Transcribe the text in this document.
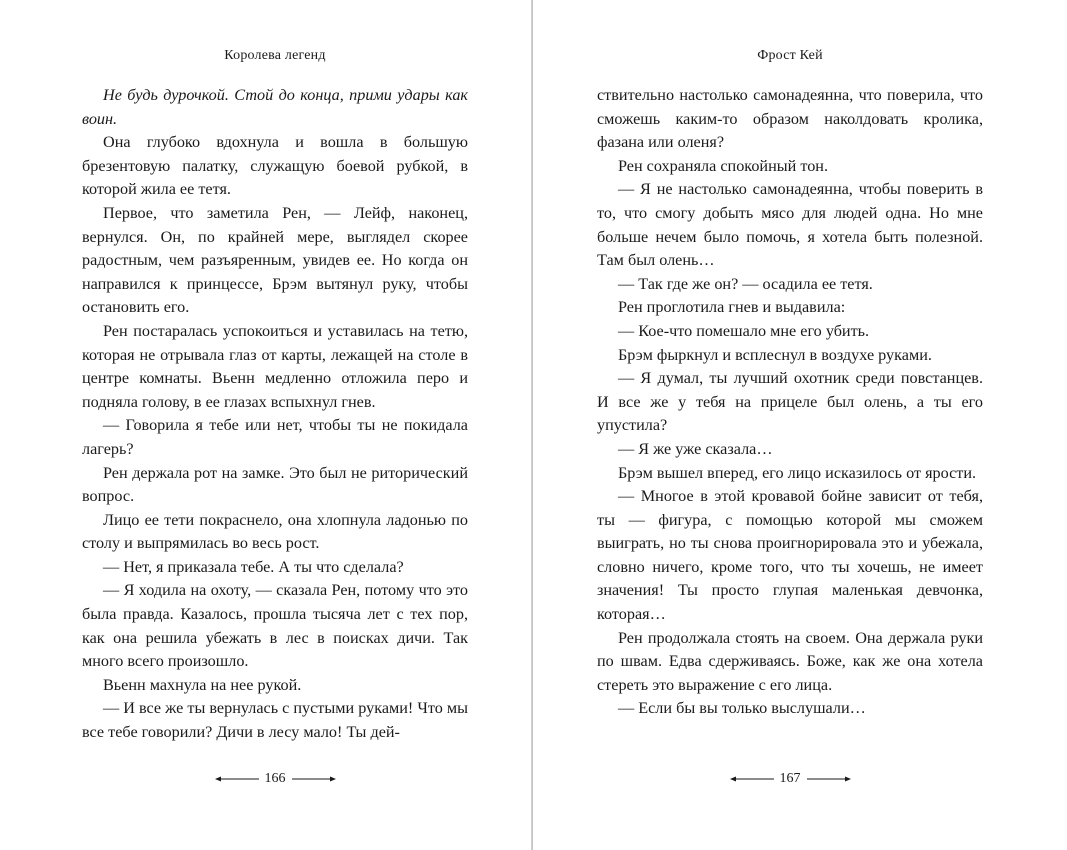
Королева легенд

Не будь дурочкой. Стой до конца, прими удары как воин.

Она глубоко вдохнула и вошла в большую брезентовую палатку, служащую боевой рубкой, в которой жила ее тетя.

Первое, что заметила Рен, — Лейф, наконец, вернулся. Он, по крайней мере, выглядел скорее радостным, чем разъяренным, увидев ее. Но когда он направился к принцессе, Брэм вытянул руку, чтобы остановить его.

Рен постаралась успокоиться и уставилась на тетю, которая не отрывала глаз от карты, лежащей на столе в центре комнаты. Вьенн медленно отложила перо и подняла голову, в ее глазах вспыхнул гнев.

— Говорила я тебе или нет, чтобы ты не покидала лагерь?

Рен держала рот на замке. Это был не риторический вопрос.

Лицо ее тети покраснело, она хлопнула ладонью по столу и выпрямилась во весь рост.

— Нет, я приказала тебе. А ты что сделала?

— Я ходила на охоту, — сказала Рен, потому что это была правда. Казалось, прошла тысяча лет с тех пор, как она решила убежать в лес в поисках дичи. Так много всего произошло.

Вьенн махнула на нее рукой.

— И все же ты вернулась с пустыми руками! Что мы все тебе говорили? Дичи в лесу мало! Ты дей-

166
Фрост Кей

ствительно настолько самонадеянна, что поверила, что сможешь каким-то образом наколдовать кролика, фазана или оленя?

Рен сохраняла спокойный тон.

— Я не настолько самонадеянна, чтобы поверить в то, что смогу добыть мясо для людей одна. Но мне больше нечем было помочь, я хотела быть полезной. Там был олень…

— Так где же он? — осадила ее тетя.

Рен проглотила гнев и выдавила:

— Кое-что помешало мне его убить.

Брэм фыркнул и всплеснул в воздухе руками.

— Я думал, ты лучший охотник среди повстанцев. И все же у тебя на прицеле был олень, а ты его упустила?

— Я же уже сказала…

Брэм вышел вперед, его лицо исказилось от ярости.

— Многое в этой кровавой бойне зависит от тебя, ты — фигура, с помощью которой мы сможем выиграть, но ты снова проигнорировала это и убежала, словно ничего, кроме того, что ты хочешь, не имеет значения! Ты просто глупая маленькая девчонка, которая…

Рен продолжала стоять на своем. Она держала руки по швам. Едва сдерживаясь. Боже, как же она хотела стереть это выражение с его лица.

— Если бы вы только выслушали…

167
